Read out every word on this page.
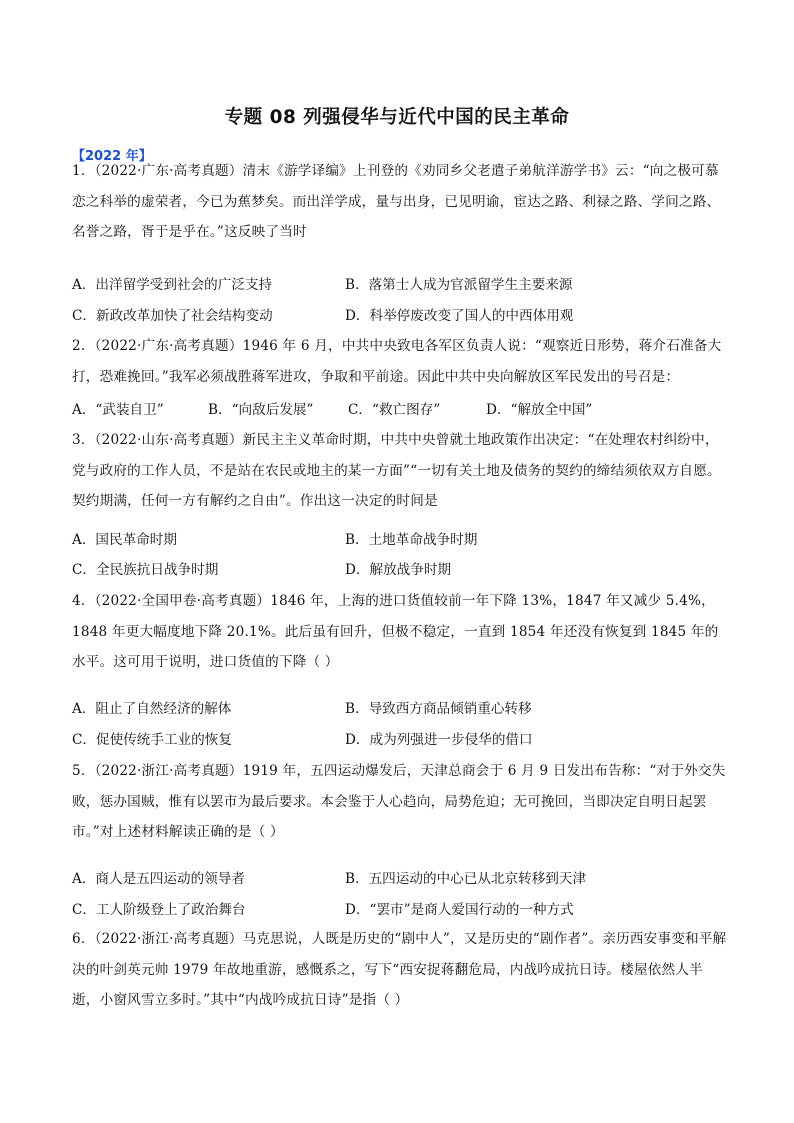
专题 08 列强侵华与近代中国的民主革命
【2022 年】
1．（2022·广东·高考真题）清末《游学译编》上刊登的《劝同乡父老遣子弟航洋游学书》云：“向之极可慕恋之科举的虚荣者，今已为蕉梦矣。而出洋学成，量与出身，已见明谕，宦达之路、利禄之路、学问之路、名誉之路，胥于是乎在。”这反映了当时
A．出洋留学受到社会的广泛支持	B．落第士人成为官派留学生主要来源
C．新政改革加快了社会结构变动	D．科举停废改变了国人的中西体用观
2．（2022·广东·高考真题）1946 年 6 月，中共中央致电各军区负责人说：“观察近日形势，蒋介石准备大打，恐难挽回。”我军必须战胜蒋军进攻，争取和平前途。因此中共中央向解放区军民发出的号召是：
A．“武装自卫”	B．“向敌后发展”	C．“救亡图存”	D．“解放全中国”
3．（2022·山东·高考真题）新民主主义革命时期，中共中央曾就土地政策作出决定：“在处理农村纠纷中，党与政府的工作人员，不是站在农民或地主的某一方面”“一切有关土地及债务的契约的缔结须依双方自愿。契约期满，任何一方有解约之自由”。作出这一决定的时间是
A．国民革命时期	B．土地革命战争时期
C．全民族抗日战争时期	D．解放战争时期
4．（2022·全国甲卷·高考真题）1846 年，上海的进口货值较前一年下降 13%，1847 年又减少 5.4%，1848 年更大幅度地下降 20.1%。此后虽有回升，但极不稳定，一直到 1854 年还没有恢复到 1845 年的水平。这可用于说明，进口货值的下降（ ）
A．阻止了自然经济的解体	B．导致西方商品倾销重心转移
C．促使传统手工业的恢复	D．成为列强进一步侵华的借口
5．（2022·浙江·高考真题）1919 年，五四运动爆发后，天津总商会于 6 月 9 日发出布告称：“对于外交失败，惩办国贼，惟有以罢市为最后要求。本会鉴于人心趋向，局势危迫；无可挽回，当即决定自明日起罢市。”对上述材料解读正确的是（ ）
A．商人是五四运动的领导者	B．五四运动的中心已从北京转移到天津
C．工人阶级登上了政治舞台	D．“罢市”是商人爱国行动的一种方式
6．（2022·浙江·高考真题）马克思说，人既是历史的“剧中人”，又是历史的“剧作者”。亲历西安事变和平解决的叶剑英元帅 1979 年故地重游，感慨系之，写下“西安捉蒋翻危局，内战吟成抗日诗。楼屋依然人半逝，小窗风雪立多时。”其中“内战吟成抗日诗”是指（ ）
